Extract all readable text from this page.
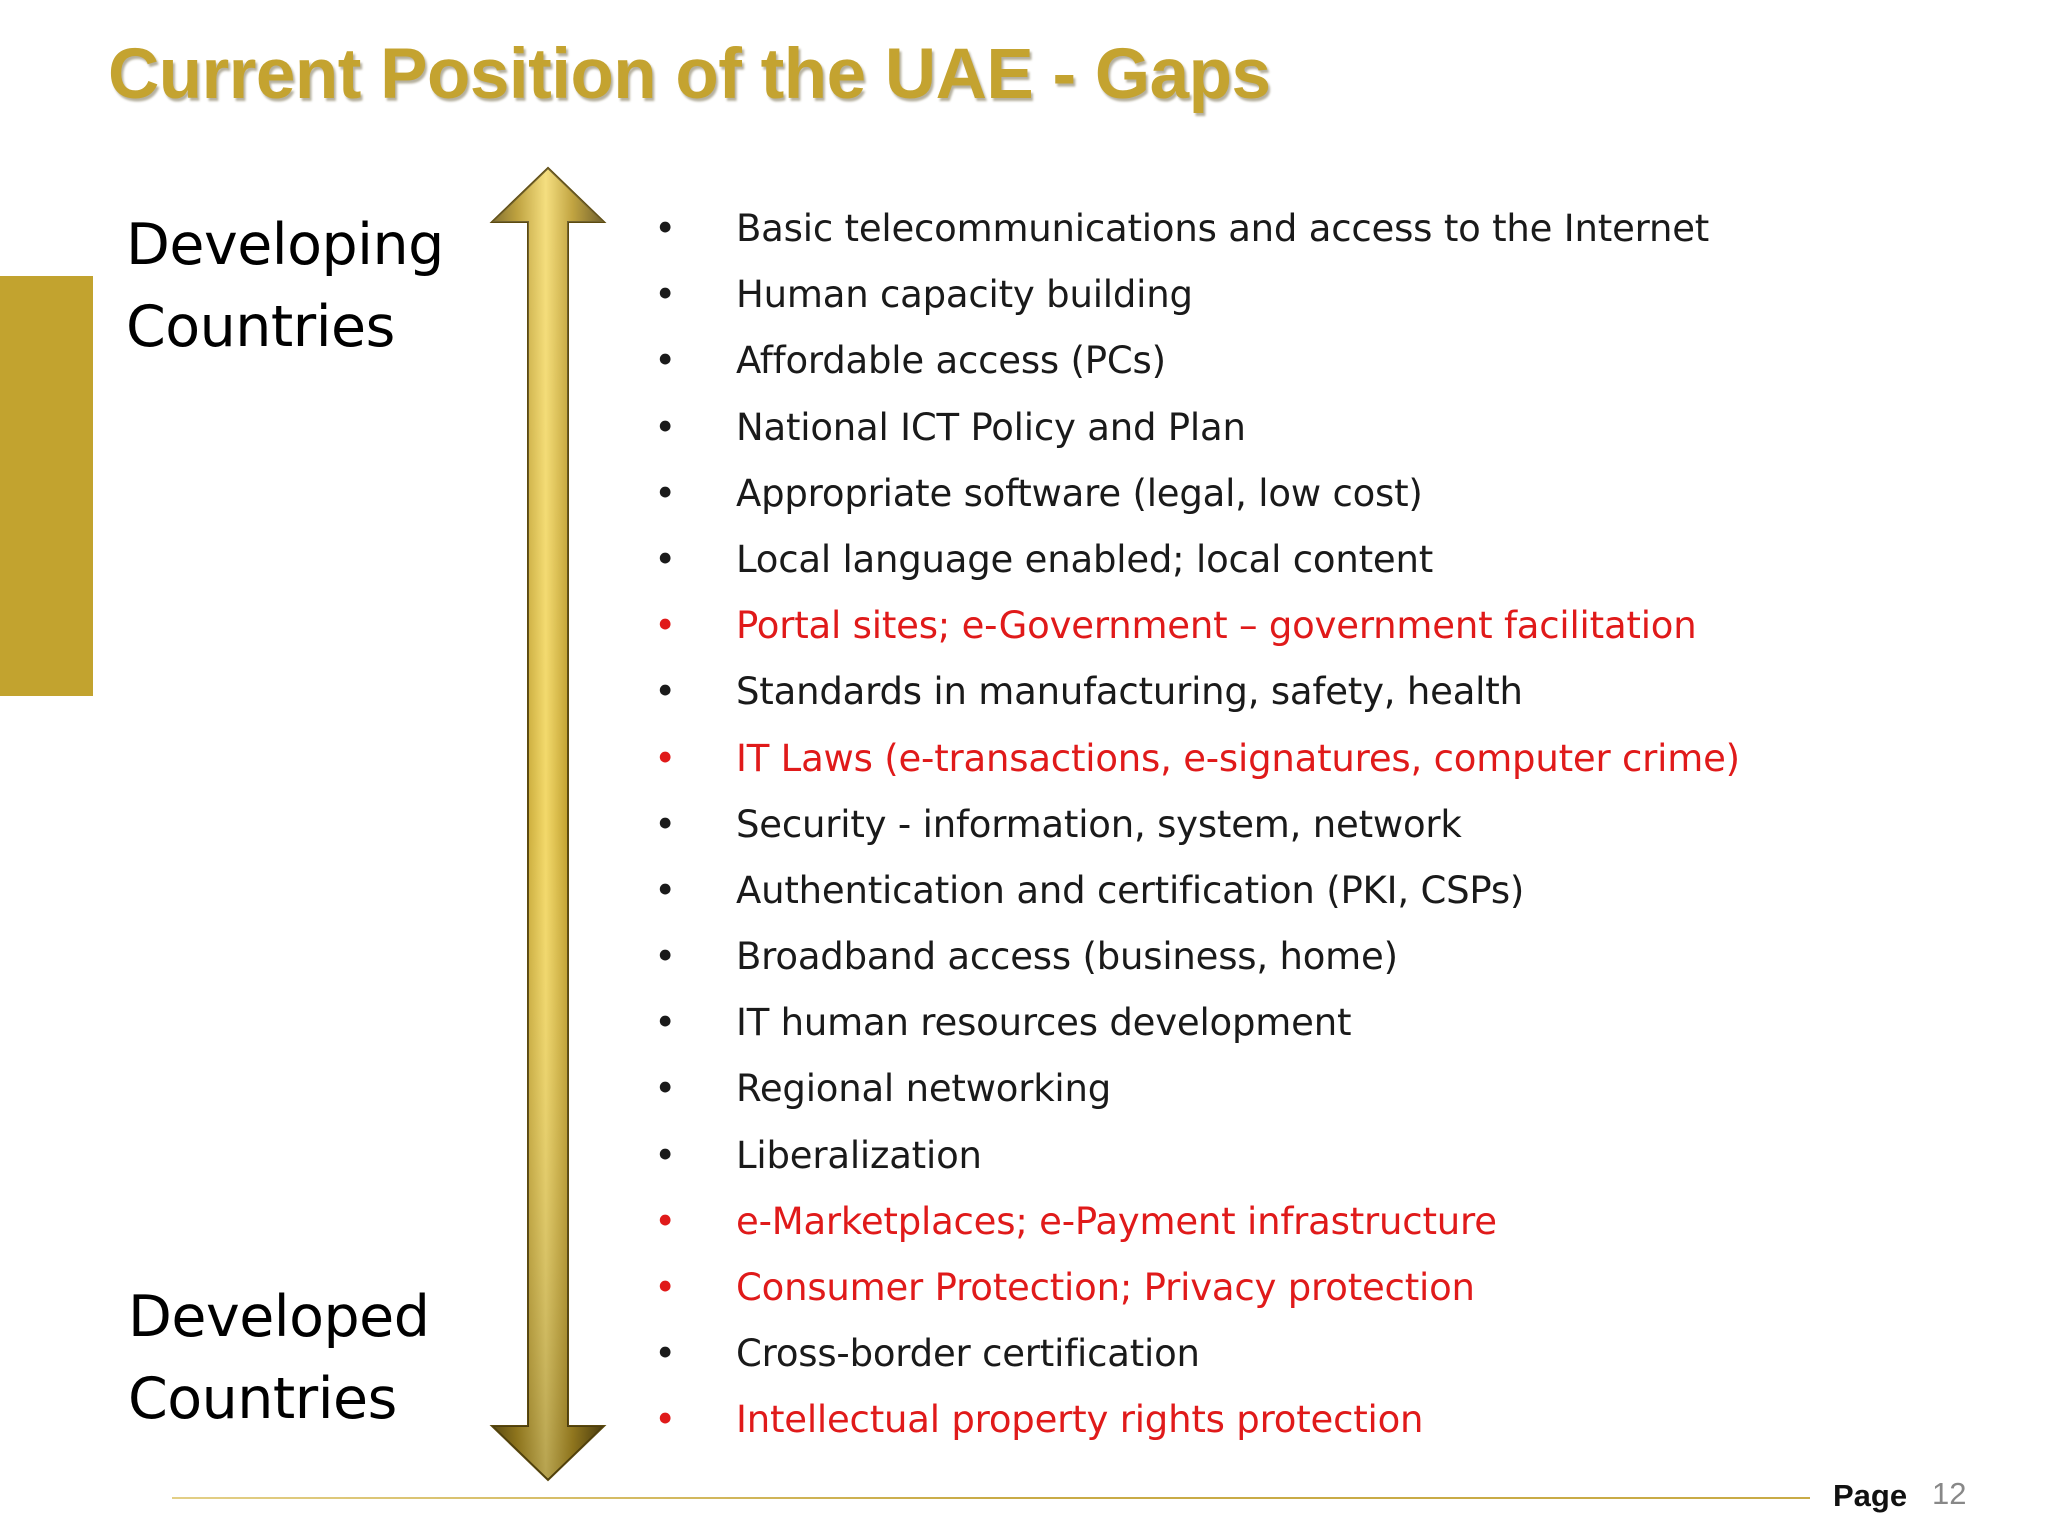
Current Position of the UAE - Gaps
Developing
Countries
Developed
Countries
• Basic telecommunications and access to the Internet
• Human capacity building
• Affordable access (PCs)
• National ICT Policy and Plan
• Appropriate software (legal, low cost)
• Local language enabled; local content
• Portal sites; e-Government – government facilitation
• Standards in manufacturing, safety, health
• IT Laws (e-transactions, e-signatures, computer crime)
• Security - information, system, network
• Authentication and certification (PKI, CSPs)
• Broadband access (business, home)
• IT human resources development
• Regional networking
• Liberalization
• e-Marketplaces; e-Payment infrastructure
• Consumer Protection; Privacy protection
• Cross-border certification
• Intellectual property rights protection
Page 12
